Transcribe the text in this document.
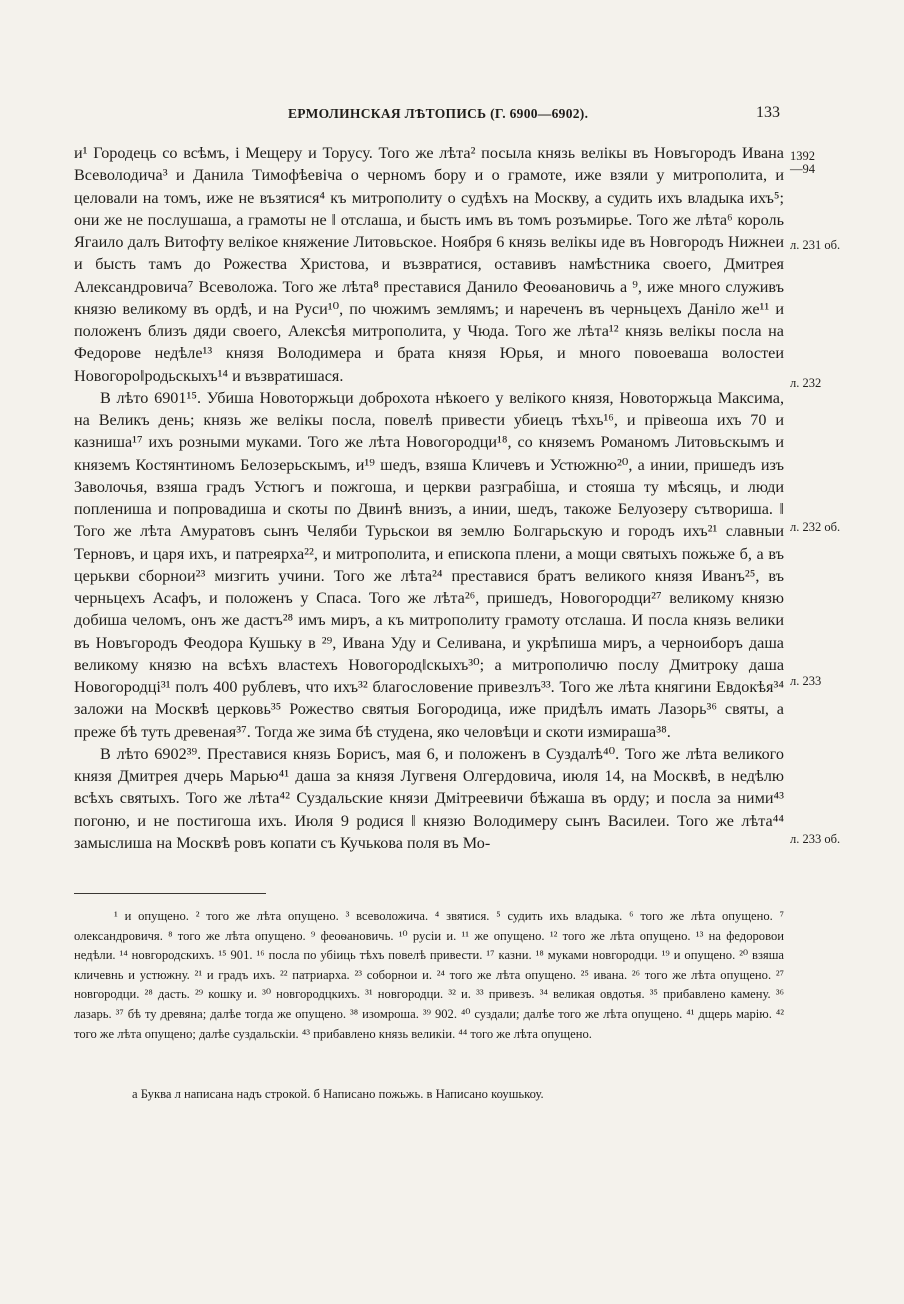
ЕРМОЛИНСКАЯ ЛѢТОПИСЬ (Г. 6900—6902).	133
1392
—94
л. 231 об.
л. 232
л. 232 об.
л. 233
л. 233 об.

и¹ Городець со всѣмъ, і Мещеру и Торусу. Того же лѣта² посыла князь велікы въ Новъгородъ Ивана Всеволодича³ и Данила Тимофѣевіча о черномъ бору и о грамоте, иже взяли у митрополита, и целовали на томъ, иже не възятися⁴ къ митрополиту о судѣхъ на Москву, а судить ихъ владыка ихъ⁵; они же не послушаша, а грамоты не ‖ отслаша, и бысть имъ въ томъ розъмирье. Того же лѣта⁶ король Ягаило далъ Витофту велікое княжение Литовьское. Ноября 6 князь велікы иде въ Новгородъ Нижнеи и бысть тамъ до Рожества Христова, и възвратися, оставивъ намѣстника своего, Дмитрея Александровича⁷ Всеволожа. Того же лѣта⁸ преставися Данило Феоѳановичь а ⁹, иже много служивъ князю великому въ ордѣ, и на Руси¹⁰, по чюжимъ землямъ; и нареченъ въ черньцехъ Даніло же¹¹ и положенъ близъ дяди своего, Алексѣя митрополита, у Чюда. Того же лѣта¹² князь велікы посла на Федорове недѣле¹³ князя Володимера и брата князя Юрья, и много повоеваша волостеи Новогоро‖родьскыхъ¹⁴ и възвратишася.

В лѣто 6901¹⁵. Убиша Новоторжьци доброхота нѣкоего у велікого князя, Новоторжьца Максима, на Великъ день; князь же велікы посла, повелѣ привести убиецъ тѣхъ¹⁶, и прівеоша ихъ 70 и казниша¹⁷ ихъ розными муками. Того же лѣта Новогородци¹⁸, со княземъ Романомъ Литовьскымъ и княземъ Костянтиномъ Белозерьскымъ, и¹⁹ шедъ, взяша Кличевъ и Устюжню²⁰, а инии, пришедъ изъ Заволочья, взяша градъ Устюгъ и пожгоша, и церкви разграбіша, и стояша ту мѣсяць, и люди поплениша и попровадиша и скоты по Двинѣ внизъ, а инии, шедъ, такоже Белуозеру сътвориша. ‖ Того же лѣта Амуратовъ сынъ Челяби Турьскои вя землю Болгарьскую и городъ ихъ²¹ славныи Терновъ, и царя ихъ, и патреярха²², и митрополита, и епископа плени, а мощи святыхъ пожьже б, а въ церькви сборнои²³ мизгить учини. Того же лѣта²⁴ преставися братъ великого князя Иванъ²⁵, въ черньцехъ Асафъ, и положенъ у Спаса. Того же лѣта²⁶, пришедъ, Новогородци²⁷ великому князю добиша челомъ, онъ же дастъ²⁸ имъ миръ, а къ митрополиту грамоту отслаша. И посла князь велики въ Новъгородъ Феодора Кушьку в ²⁹, Ивана Уду и Селивана, и укрѣпиша миръ, а черноиборъ даша великому князю на всѣхъ властехъ Новогород‖скыхъ³⁰; а митрополичю послу Дмитроку даша Новогородці³¹ полъ 400 рублевъ, что ихъ³² благословение привезлъ³³. Того же лѣта княгини Евдокѣя³⁴ заложи на Москвѣ церковь³⁵ Рожество святыя Богородица, иже придѣлъ имать Лазорь³⁶ святы, а преже бѣ туть древеная³⁷. Тогда же зима бѣ студена, яко человѣци и скоти измираша³⁸.

В лѣто 6902³⁹. Преставися князь Борисъ, мая 6, и положенъ в Суздалѣ⁴⁰. Того же лѣта великого князя Дмитрея дчерь Марью⁴¹ даша за князя Лугвеня Олгердовича, июля 14, на Москвѣ, в недѣлю всѣхъ святыхъ. Того же лѣта⁴² Суздальские князи Дмітреевичи бѣжаша въ орду; и посла за ними⁴³ погоню, и не постигоша ихъ. Июля 9 родися ‖ князю Володимеру сынъ Василеи. Того же лѣта⁴⁴ замыслиша на Москвѣ ровъ копати съ Кучькова поля въ Мо-

¹ и опущено. ² того же лѣта опущено. ³ всеволожича. ⁴ звятися. ⁵ судить ихь владыка. ⁶ того же лѣта опущено. ⁷ олександровичя. ⁸ того же лѣта опущено. ⁹ феоѳановичь. ¹⁰ русіи и. ¹¹ же опущено. ¹² того же лѣта опущено. ¹³ на федоровои недѣли. ¹⁴ новгородскихъ. ¹⁵ 901. ¹⁶ посла по убіиць тѣхъ повелѣ привести. ¹⁷ казни. ¹⁸ муками новгородци. ¹⁹ и опущено. ²⁰ взяша кличевнь и устюжну. ²¹ и градъ ихъ. ²² патриарха. ²³ соборнои и. ²⁴ того же лѣта опущено. ²⁵ ивана. ²⁶ того же лѣта опущено. ²⁷ новгородци. ²⁸ дасть. ²⁹ кошку и. ³⁰ новгородцкихъ. ³¹ новгородци. ³² и. ³³ привезъ. ³⁴ великая овдотья. ³⁵ прибавлено камену. ³⁶ лазарь. ³⁷ бѣ ту древяна; далѣе тогда же опущено. ³⁸ изомроша. ³⁹ 902. ⁴⁰ суздали; далѣе того же лѣта опущено. ⁴¹ дщерь марію. ⁴² того же лѣта опущено; далѣе суздальскіи. ⁴³ прибавлено князь великіи. ⁴⁴ того же лѣта опущено.

а Буква л написана надъ строкой. б Написано пожьжь. в Написано коушькоу.
